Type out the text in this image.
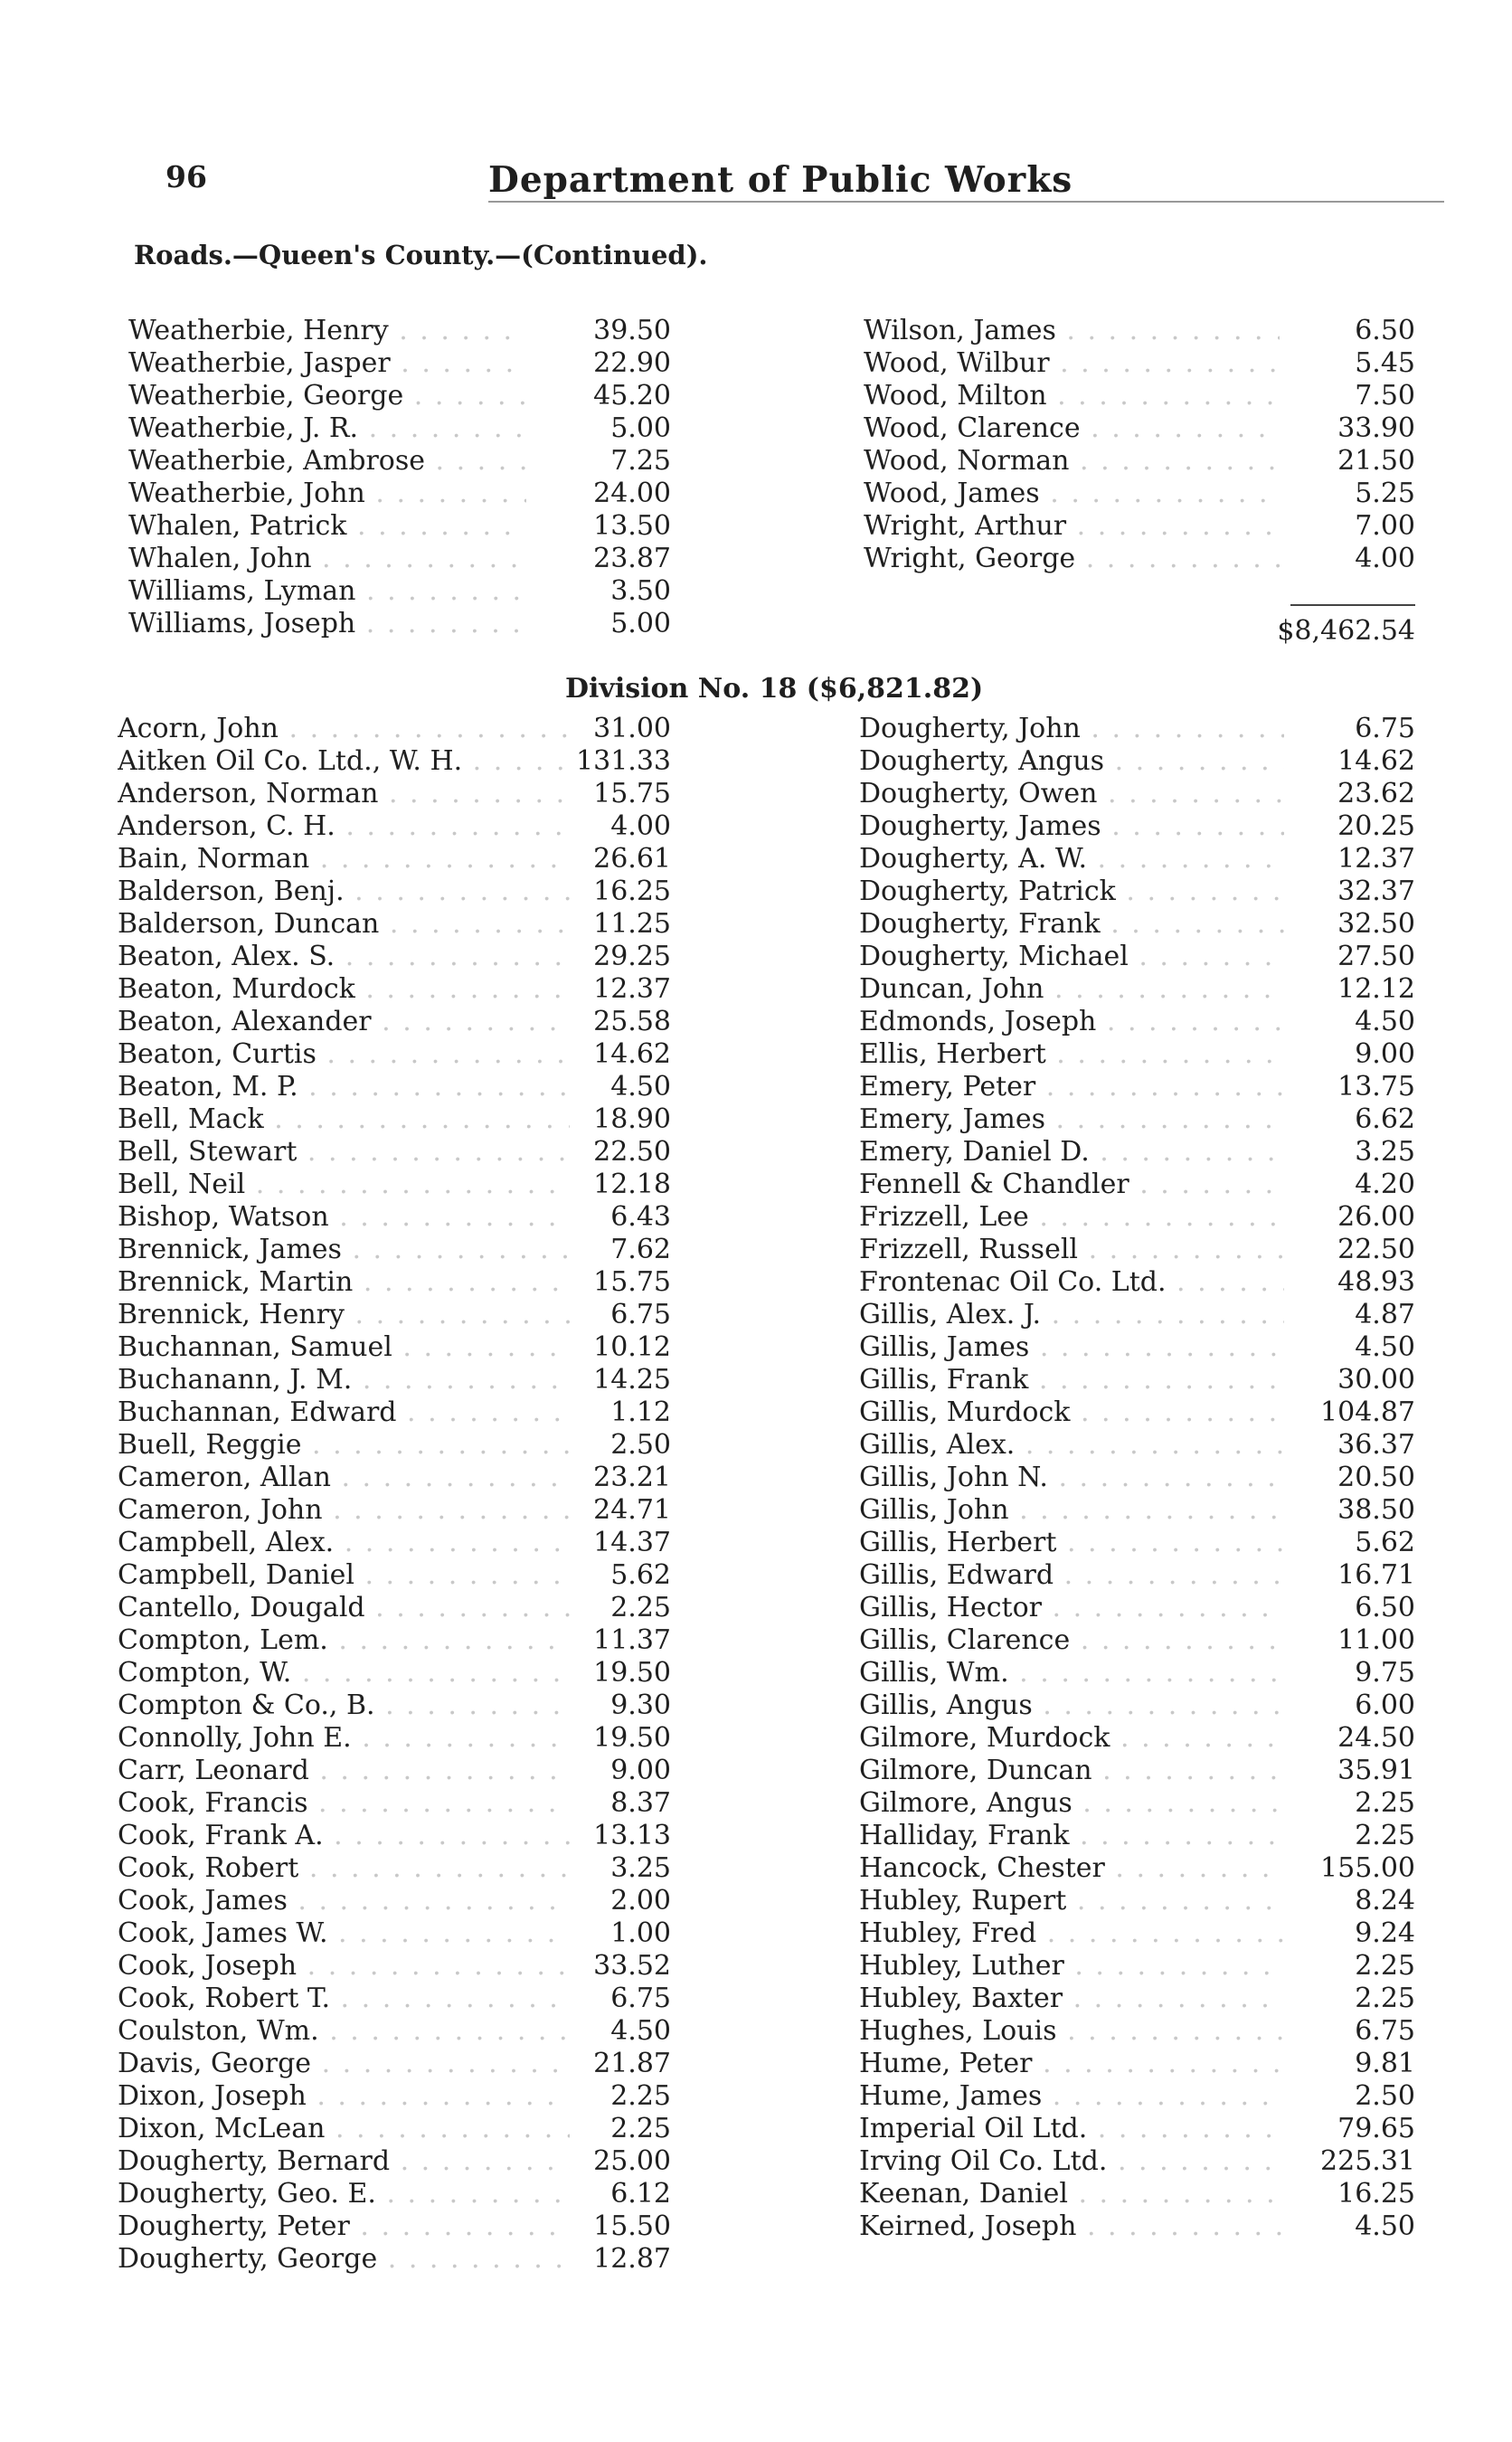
96	Department of Public Works
Roads.—Queen's County.—(Continued).
Weatherbie, Henry . . .	39.50
Weatherbie, Jasper . . .	22.90
Weatherbie, George . . .	45.20
Weatherbie, J. R. . . .	5.00
Weatherbie, Ambrose . . .	7.25
Weatherbie, John . . .	24.00
Whalen, Patrick . . .	13.50
Whalen, John . . .	23.87
Williams, Lyman . . .	3.50
Williams, Joseph . . .	5.00
Wilson, James . . .	6.50
Wood, Wilbur . . .	5.45
Wood, Milton . . .	7.50
Wood, Clarence . . .	33.90
Wood, Norman . . .	21.50
Wood, James . . .	5.25
Wright, Arthur . . .	7.00
Wright, George . . .	4.00
$8,462.54
Division No. 18 ($6,821.82)
Acorn, John . . .	31.00
Aitken Oil Co. Ltd., W. H. . . .	131.33
Anderson, Norman . . .	15.75
Anderson, C. H. . . .	4.00
Bain, Norman . . .	26.61
Balderson, Benj. . . .	16.25
Balderson, Duncan . . .	11.25
Beaton, Alex. S. . . .	29.25
Beaton, Murdock . . .	12.37
Beaton, Alexander . . .	25.58
Beaton, Curtis . . .	14.62
Beaton, M. P. . . .	4.50
Bell, Mack . . .	18.90
Bell, Stewart . . .	22.50
Bell, Neil . . .	12.18
Bishop, Watson . . .	6.43
Brennick, James . . .	7.62
Brennick, Martin . . .	15.75
Brennick, Henry . . .	6.75
Buchannan, Samuel . . .	10.12
Buchanann, J. M. . . .	14.25
Buchannan, Edward . . .	1.12
Buell, Reggie . . .	2.50
Cameron, Allan . . .	23.21
Cameron, John . . .	24.71
Campbell, Alex. . . .	14.37
Campbell, Daniel . . .	5.62
Cantello, Dougald . . .	2.25
Compton, Lem. . . .	11.37
Compton, W. . . .	19.50
Compton & Co., B. . . .	9.30
Connolly, John E. . . .	19.50
Carr, Leonard . . .	9.00
Cook, Francis . . .	8.37
Cook, Frank A. . . .	13.13
Cook, Robert . . .	3.25
Cook, James . . .	2.00
Cook, James W. . . .	1.00
Cook, Joseph . . .	33.52
Cook, Robert T. . . .	6.75
Coulston, Wm. . . .	4.50
Davis, George . . .	21.87
Dixon, Joseph . . .	2.25
Dixon, McLean . . .	2.25
Dougherty, Bernard . . .	25.00
Dougherty, Geo. E. . . .	6.12
Dougherty, Peter . . .	15.50
Dougherty, George . . .	12.87
Dougherty, John . . .	6.75
Dougherty, Angus . . .	14.62
Dougherty, Owen . . .	23.62
Dougherty, James . . .	20.25
Dougherty, A. W. . . .	12.37
Dougherty, Patrick . . .	32.37
Dougherty, Frank . . .	32.50
Dougherty, Michael . . .	27.50
Duncan, John . . .	12.12
Edmonds, Joseph . . .	4.50
Ellis, Herbert . . .	9.00
Emery, Peter . . .	13.75
Emery, James . . .	6.62
Emery, Daniel D. . . .	3.25
Fennell & Chandler . . .	4.20
Frizzell, Lee . . .	26.00
Frizzell, Russell . . .	22.50
Frontenac Oil Co. Ltd. . . .	48.93
Gillis, Alex. J. . . .	4.87
Gillis, James . . .	4.50
Gillis, Frank . . .	30.00
Gillis, Murdock . . .	104.87
Gillis, Alex. . . .	36.37
Gillis, John N. . . .	20.50
Gillis, John . . .	38.50
Gillis, Herbert . . .	5.62
Gillis, Edward . . .	16.71
Gillis, Hector . . .	6.50
Gillis, Clarence . . .	11.00
Gillis, Wm. . . .	9.75
Gillis, Angus . . .	6.00
Gilmore, Murdock . . .	24.50
Gilmore, Duncan . . .	35.91
Gilmore, Angus . . .	2.25
Halliday, Frank . . .	2.25
Hancock, Chester . . .	155.00
Hubley, Rupert . . .	8.24
Hubley, Fred . . .	9.24
Hubley, Luther . . .	2.25
Hubley, Baxter . . .	2.25
Hughes, Louis . . .	6.75
Hume, Peter . . .	9.81
Hume, James . . .	2.50
Imperial Oil Ltd. . . .	79.65
Irving Oil Co. Ltd. . . .	225.31
Keenan, Daniel . . .	16.25
Keirned, Joseph . . .	4.50
